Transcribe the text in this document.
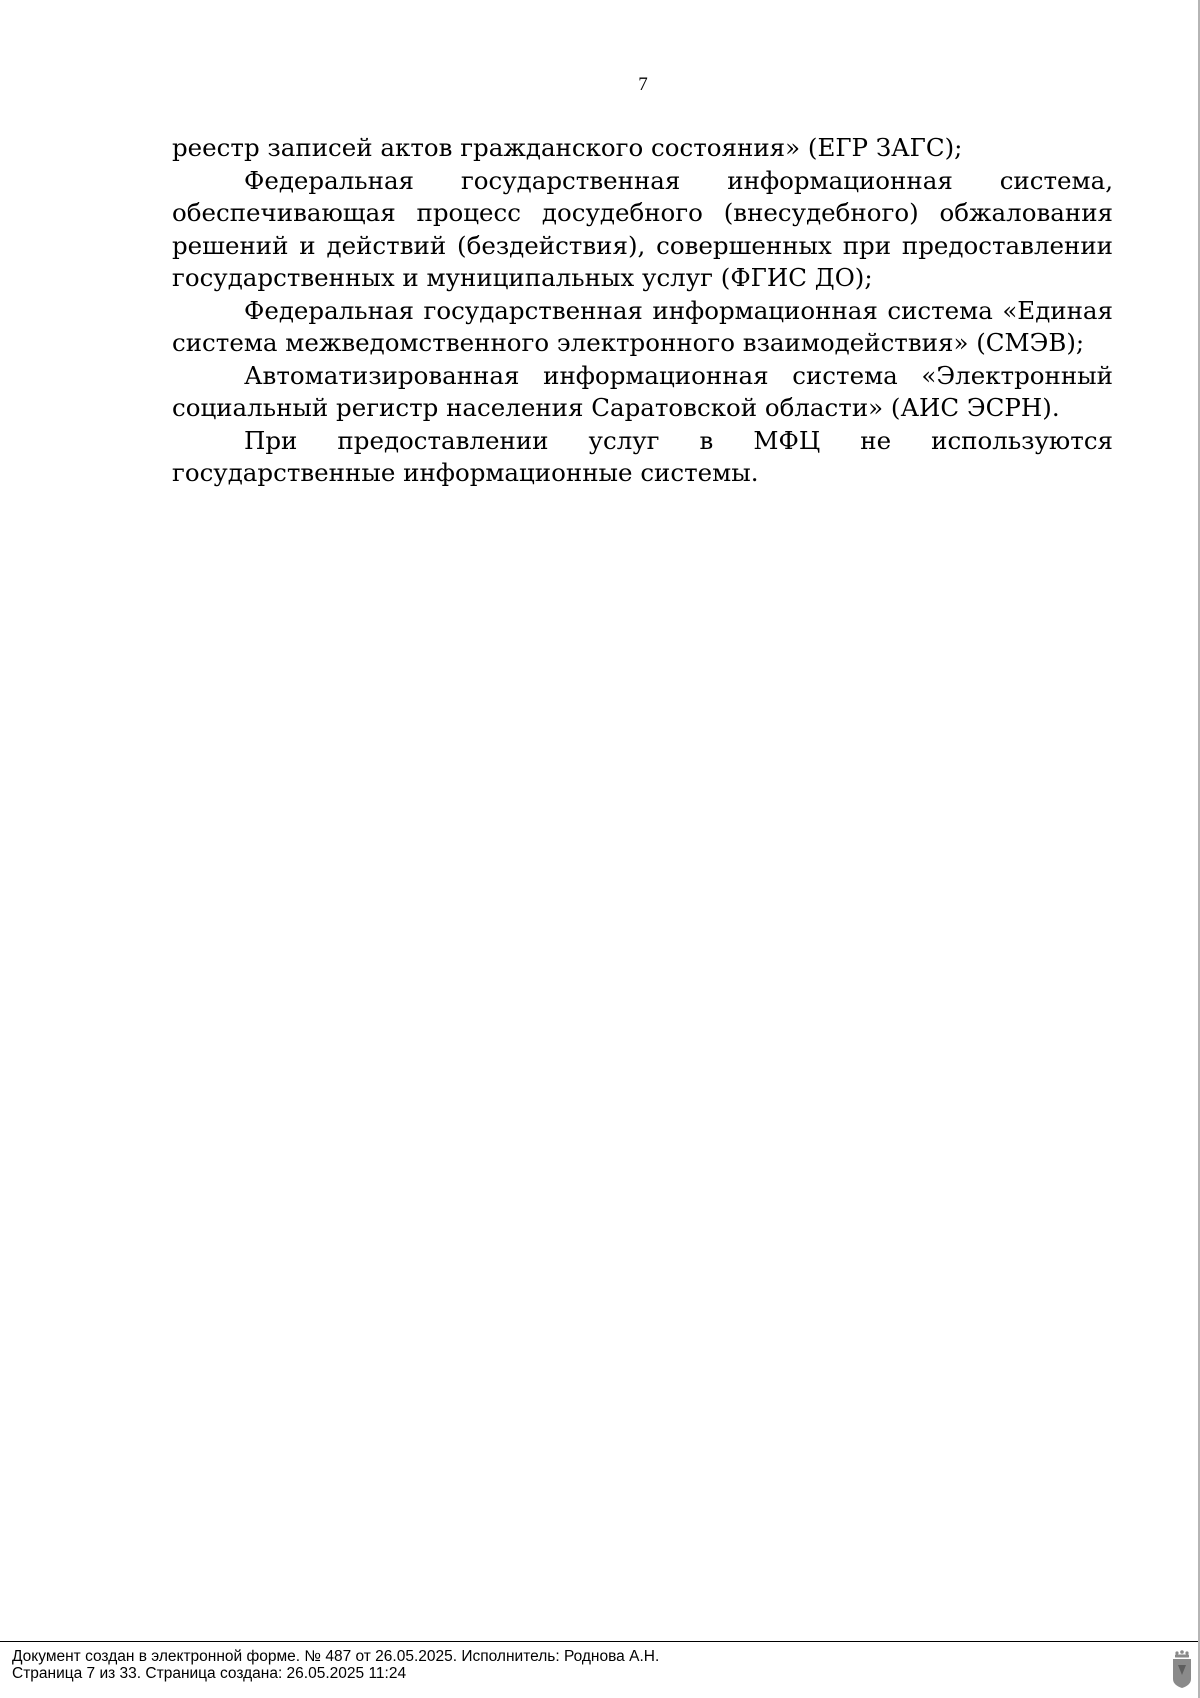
7

реестр записей актов гражданского состояния» (ЕГР ЗАГС);

Федеральная государственная информационная система, обеспечивающая процесс досудебного (внесудебного) обжалования решений и действий (бездействия), совершенных при предоставлении государственных и муниципальных услуг (ФГИС ДО);

Федеральная государственная информационная система «Единая система межведомственного электронного взаимодействия» (СМЭВ);

Автоматизированная информационная система «Электронный социальный регистр населения Саратовской области» (АИС ЭСРН).

При предоставлении услуг в МФЦ не используются государственные информационные системы.

Документ создан в электронной форме. № 487 от 26.05.2025. Исполнитель: Роднова А.Н.
Страница 7 из 33. Страница создана: 26.05.2025 11:24
